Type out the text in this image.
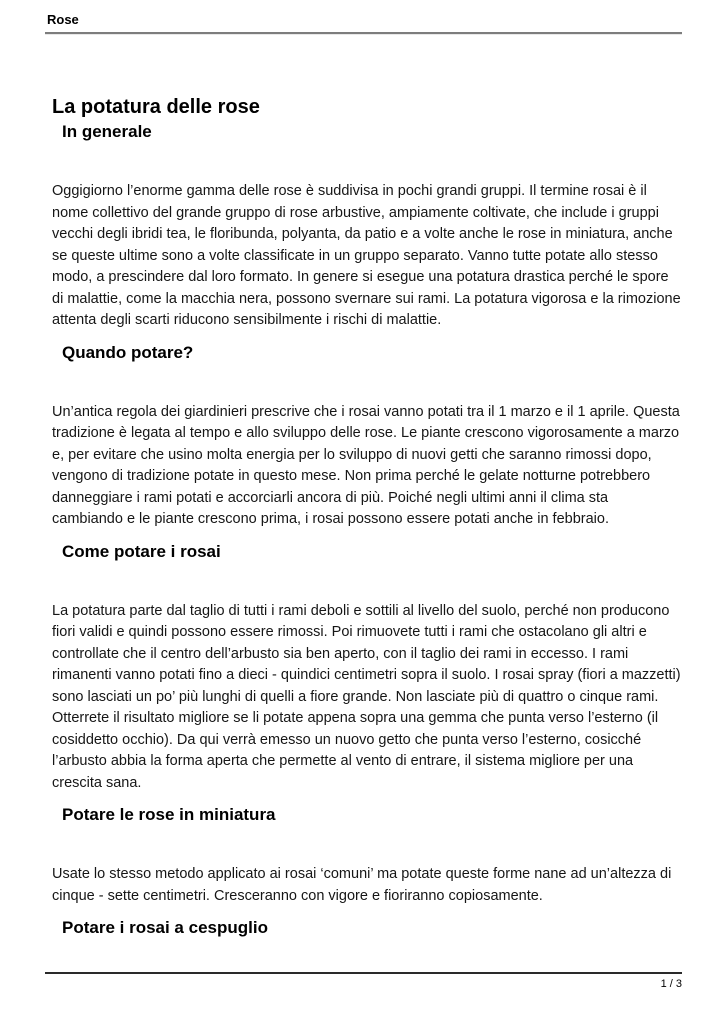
Rose
La potatura delle rose
In generale

Oggigiorno l’enorme gamma delle rose è suddivisa in pochi grandi gruppi. Il termine rosai è il nome collettivo del grande gruppo di rose arbustive, ampiamente coltivate, che include i gruppi vecchi degli ibridi tea, le floribunda, polyanta, da patio e a volte anche le rose in miniatura, anche se queste ultime sono a volte classificate in un gruppo separato. Vanno tutte potate allo stesso modo, a prescindere dal loro formato. In genere si esegue una potatura drastica perché le spore di malattie, come la macchia nera, possono svernare sui rami. La potatura vigorosa e la rimozione attenta degli scarti riducono sensibilmente i rischi di malattie.

Quando potare?

Un’antica regola dei giardinieri prescrive che i rosai vanno potati tra il 1 marzo e il 1 aprile. Questa tradizione è legata al tempo e allo sviluppo delle rose. Le piante crescono vigorosamente a marzo e, per evitare che usino molta energia per lo sviluppo di nuovi getti che saranno rimossi dopo, vengono di tradizione potate in questo mese. Non prima perché le gelate notturne potrebbero danneggiare i rami potati e accorciarli ancora di più. Poiché negli ultimi anni il clima sta cambiando e le piante crescono prima, i rosai possono essere potati anche in febbraio.

Come potare i rosai

La potatura parte dal taglio di tutti i rami deboli e sottili al livello del suolo, perché non producono fiori validi e quindi possono essere rimossi. Poi rimuovete tutti i rami che ostacolano gli altri e controllate che il centro dell’arbusto sia ben aperto, con il taglio dei rami in eccesso. I rami rimanenti vanno potati fino a dieci - quindici centimetri sopra il suolo. I rosai spray (fiori a mazzetti) sono lasciati un po’ più lunghi di quelli a fiore grande. Non lasciate più di quattro o cinque rami. Otterrete il risultato migliore se li potate appena sopra una gemma che punta verso l’esterno (il cosiddetto occhio). Da qui verrà emesso un nuovo getto che punta verso l’esterno, cosicché l’arbusto abbia la forma aperta che permette al vento di entrare, il sistema migliore per una crescita sana.

Potare le rose in miniatura

Usate lo stesso metodo applicato ai rosai ‘comuni’ ma potate queste forme nane ad un’altezza di cinque - sette centimetri. Cresceranno con vigore e fioriranno copiosamente.

Potare i rosai a cespuglio

1 / 3
